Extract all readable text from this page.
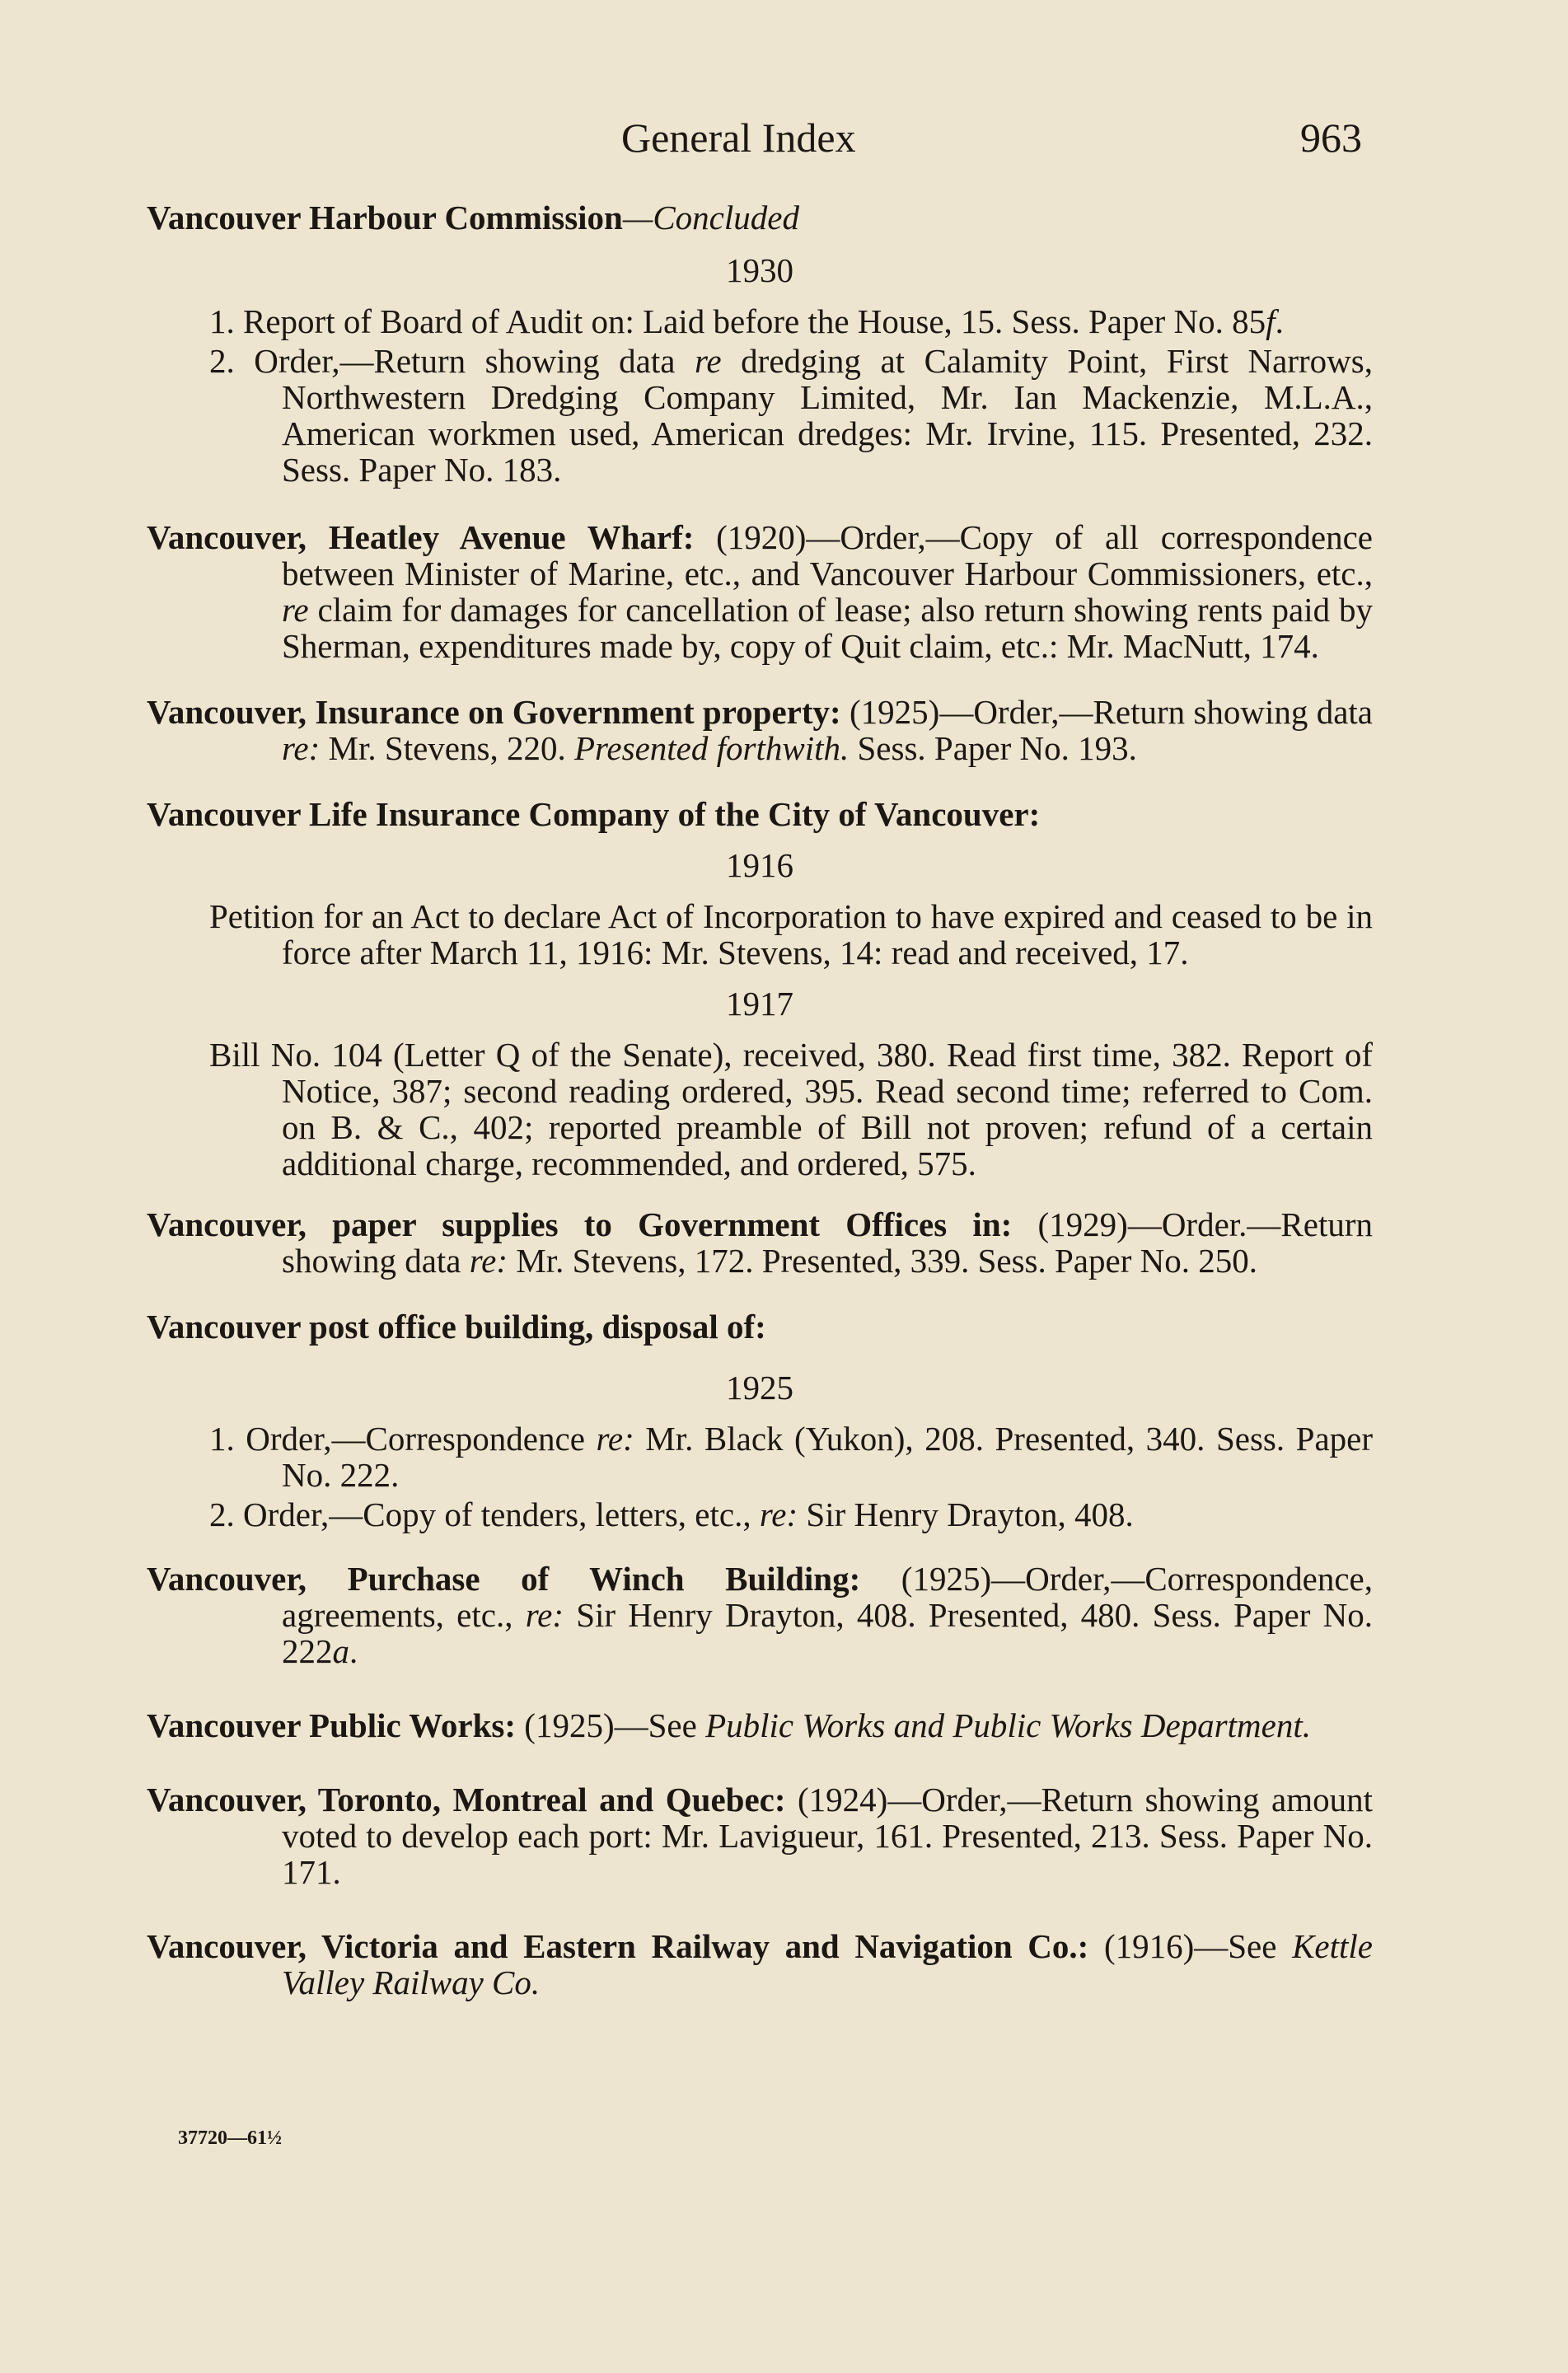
General Index	963
Vancouver Harbour Commission—Concluded
1930
1. Report of Board of Audit on: Laid before the House, 15. Sess. Paper No. 85f.
2. Order,—Return showing data re dredging at Calamity Point, First Narrows, Northwestern Dredging Company Limited, Mr. Ian Mackenzie, M.L.A., American workmen used, American dredges: Mr. Irvine, 115. Presented, 232. Sess. Paper No. 183.
Vancouver, Heatley Avenue Wharf: (1920)—Order,—Copy of all correspondence between Minister of Marine, etc., and Vancouver Harbour Commissioners, etc., re claim for damages for cancellation of lease; also return showing rents paid by Sherman, expenditures made by, copy of Quit claim, etc.: Mr. MacNutt, 174.
Vancouver, Insurance on Government property: (1925)—Order,—Return showing data re: Mr. Stevens, 220. Presented forthwith. Sess. Paper No. 193.
Vancouver Life Insurance Company of the City of Vancouver:
1916
Petition for an Act to declare Act of Incorporation to have expired and ceased to be in force after March 11, 1916: Mr. Stevens, 14: read and received, 17.
1917
Bill No. 104 (Letter Q of the Senate), received, 380. Read first time, 382. Report of Notice, 387; second reading ordered, 395. Read second time; referred to Com. on B. & C., 402; reported preamble of Bill not proven; refund of a certain additional charge, recommended, and ordered, 575.
Vancouver, paper supplies to Government Offices in: (1929)—Order.—Return showing data re: Mr. Stevens, 172. Presented, 339. Sess. Paper No. 250.
Vancouver post office building, disposal of:
1925
1. Order,—Correspondence re: Mr. Black (Yukon), 208. Presented, 340. Sess. Paper No. 222.
2. Order,—Copy of tenders, letters, etc., re: Sir Henry Drayton, 408.
Vancouver, Purchase of Winch Building: (1925)—Order,—Correspondence, agreements, etc., re: Sir Henry Drayton, 408. Presented, 480. Sess. Paper No. 222a.
Vancouver Public Works: (1925)—See Public Works and Public Works Department.
Vancouver, Toronto, Montreal and Quebec: (1924)—Order,—Return showing amount voted to develop each port: Mr. Lavigueur, 161. Presented, 213. Sess. Paper No. 171.
Vancouver, Victoria and Eastern Railway and Navigation Co.: (1916)—See Kettle Valley Railway Co.
37720—61½
